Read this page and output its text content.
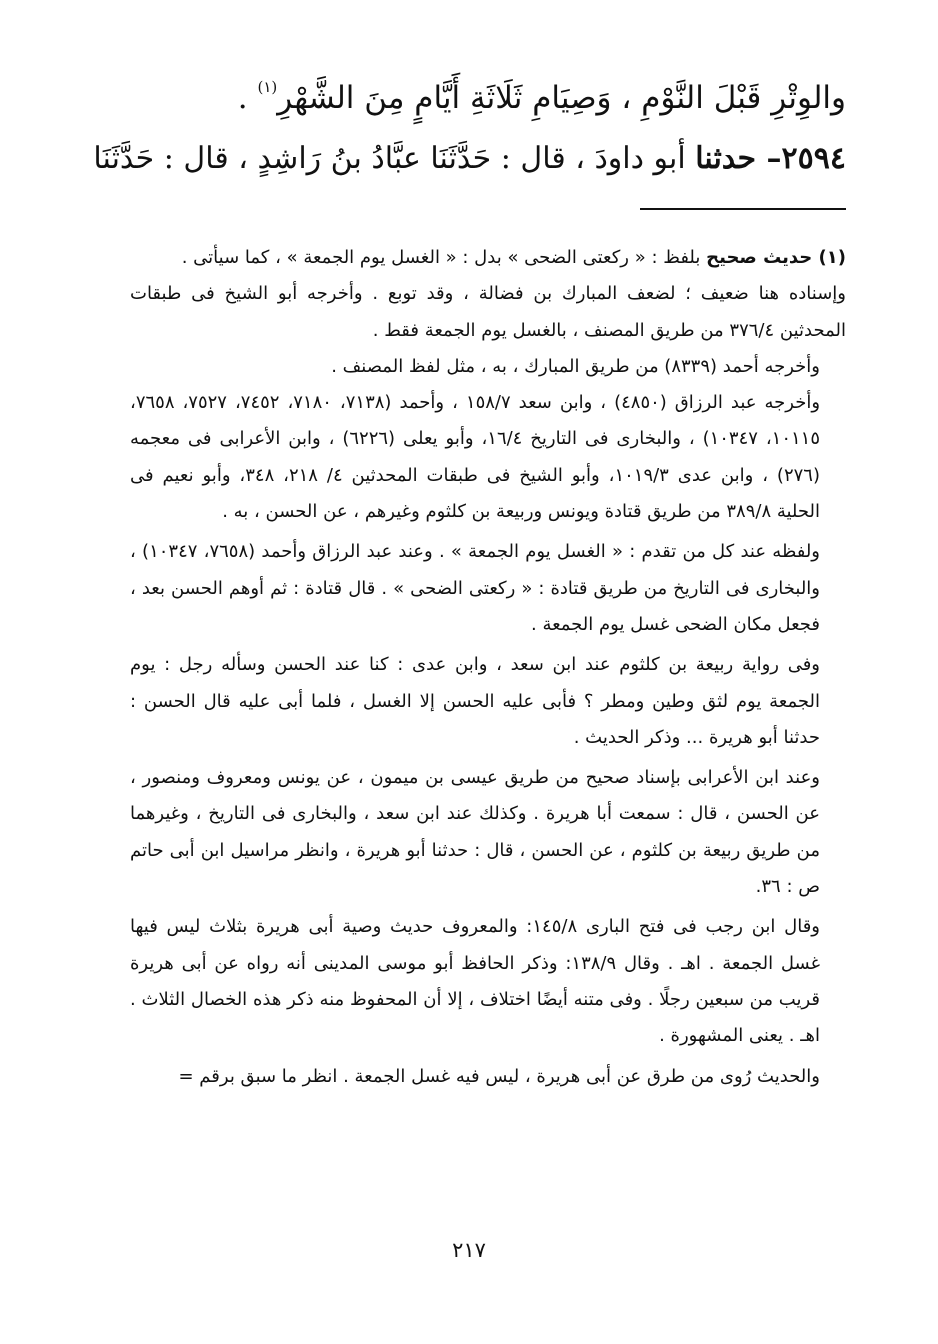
والوِتْرِ قَبْلَ النَّوْمِ ، وَصِيَامِ ثَلَاثَةِ أَيَّامٍ مِنَ الشَّهْرِ$^{(١)}$ .
٢٥٩٤– حدثنا أبو داودَ ، قال : حَدَّثَنَا عبَّادُ بنُ رَاشِدٍ ، قال : حَدَّثَنَا

(١) حديث صحيح بلفظ : « ركعتى الضحى » بدل : « الغسل يوم الجمعة » ، كما سيأتى .

وإسناده هنا ضعيف ؛ لضعف المبارك بن فضالة ، وقد توبع . وأخرجه أبو الشيخ فى طبقات المحدثين ٣٧٦/٤ من طريق المصنف ، بالغسل يوم الجمعة فقط .

وأخرجه أحمد (٨٣٣٩) من طريق المبارك ، به ، مثل لفظ المصنف .

وأخرجه عبد الرزاق (٤٨٥٠) ، وابن سعد ١٥٨/٧ ، وأحمد (٧١٣٨، ٧١٨٠، ٧٤٥٢، ٧٥٢٧، ٧٦٥٨، ١٠١١٥، ١٠٣٤٧) ، والبخارى فى التاريخ ١٦/٤، وأبو يعلى (٦٢٢٦) ، وابن الأعرابى فى معجمه (٢٧٦) ، وابن عدى ١٠١٩/٣، وأبو الشيخ فى طبقات المحدثين ٤/ ٢١٨، ٣٤٨، وأبو نعيم فى الحلية ٣٨٩/٨ من طريق قتادة ويونس وربيعة بن كلثوم وغيرهم ، عن الحسن ، به .

ولفظه عند كل من تقدم : « الغسل يوم الجمعة » . وعند عبد الرزاق وأحمد (٧٦٥٨، ١٠٣٤٧) ، والبخارى فى التاريخ من طريق قتادة : « ركعتى الضحى » . قال قتادة : ثم أوهم الحسن بعد ، فجعل مكان الضحى غسل يوم الجمعة .

وفى رواية ربيعة بن كلثوم عند ابن سعد ، وابن عدى : كنا عند الحسن وسأله رجل : يوم الجمعة يوم لثق وطين ومطر ؟ فأبى عليه الحسن إلا الغسل ، فلما أبى عليه قال الحسن : حدثنا أبو هريرة ... وذكر الحديث .

وعند ابن الأعرابى بإسناد صحيح من طريق عيسى بن ميمون ، عن يونس ومعروف ومنصور ، عن الحسن ، قال : سمعت أبا هريرة . وكذلك عند ابن سعد ، والبخارى فى التاريخ ، وغيرهما من طريق ربيعة بن كلثوم ، عن الحسن ، قال : حدثنا أبو هريرة ، وانظر مراسيل ابن أبى حاتم ص : ٣٦.

وقال ابن رجب فى فتح البارى ١٤٥/٨: والمعروف حديث وصية أبى هريرة بثلاث ليس فيها غسل الجمعة . اهـ . وقال ١٣٨/٩: وذكر الحافظ أبو موسى المدينى أنه رواه عن أبى هريرة قريب من سبعين رجلًا . وفى متنه أيضًا اختلاف ، إلا أن المحفوظ منه ذكر هذه الخصال الثلاث . اهـ . يعنى المشهورة .

والحديث رُوى من طرق عن أبى هريرة ، ليس فيه غسل الجمعة . انظر ما سبق برقم =

٢١٧
